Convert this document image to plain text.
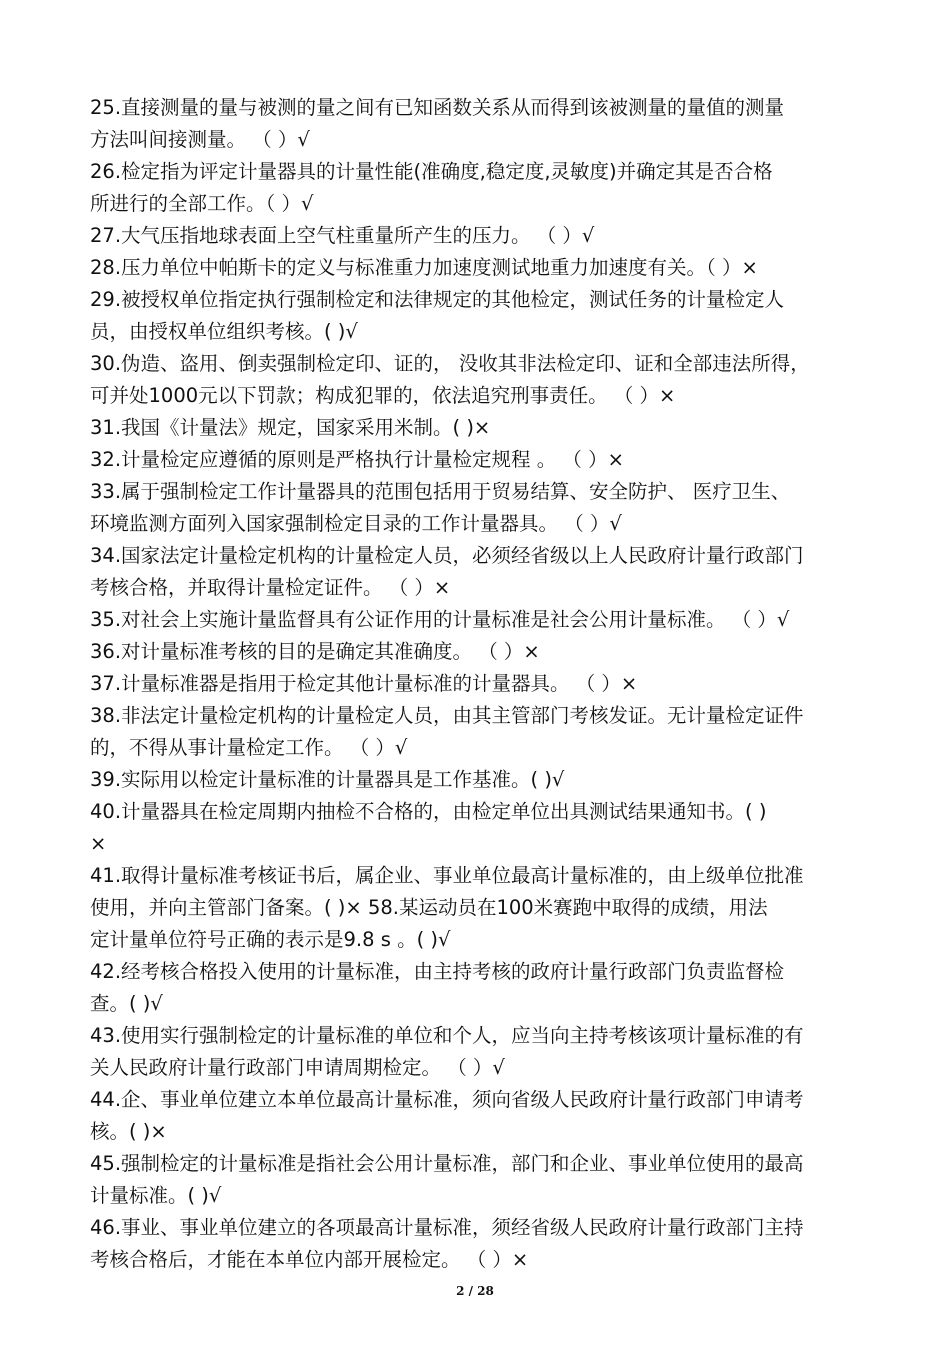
25.直接测量的量与被测的量之间有已知函数关系从而得到该被测量的量值的测量
方法叫间接测量。 （ ）√
26.检定指为评定计量器具的计量性能(准确度,稳定度,灵敏度)并确定其是否合格
所进行的全部工作。（ ）√
27.大气压指地球表面上空气柱重量所产生的压力。 （ ）√
28.压力单位中帕斯卡的定义与标准重力加速度测试地重力加速度有关。（ ）×
29.被授权单位指定执行强制检定和法律规定的其他检定，测试任务的计量检定人
员，由授权单位组织考核。( )√
30.伪造、盗用、倒卖强制检定印、证的， 没收其非法检定印、证和全部违法所得，
可并处1000元以下罚款；构成犯罪的，依法追究刑事责任。 （ ）×
31.我国《计量法》规定，国家采用米制。( )×
32.计量检定应遵循的原则是严格执行计量检定规程 。 （ ）×
33.属于强制检定工作计量器具的范围包括用于贸易结算、安全防护、 医疗卫生、
环境监测方面列入国家强制检定目录的工作计量器具。 （ ）√
34.国家法定计量检定机构的计量检定人员，必须经省级以上人民政府计量行政部门
考核合格，并取得计量检定证件。 （ ）×
35.对社会上实施计量监督具有公证作用的计量标准是社会公用计量标准。 （ ）√
36.对计量标准考核的目的是确定其准确度。 （ ）×
37.计量标准器是指用于检定其他计量标准的计量器具。 （ ）×
38.非法定计量检定机构的计量检定人员，由其主管部门考核发证。无计量检定证件
的，不得从事计量检定工作。 （ ）√
39.实际用以检定计量标准的计量器具是工作基准。( )√
40.计量器具在检定周期内抽检不合格的，由检定单位出具测试结果通知书。( )
×
41.取得计量标准考核证书后，属企业、事业单位最高计量标准的，由上级单位批准
使用，并向主管部门备案。( )× 58.某运动员在100米赛跑中取得的成绩，用法
定计量单位符号正确的表示是9.8 s 。( )√
42.经考核合格投入使用的计量标准，由主持考核的政府计量行政部门负责监督检
查。( )√
43.使用实行强制检定的计量标准的单位和个人，应当向主持考核该项计量标准的有
关人民政府计量行政部门申请周期检定。 （ ）√
44.企、事业单位建立本单位最高计量标准，须向省级人民政府计量行政部门申请考
核。( )×
45.强制检定的计量标准是指社会公用计量标准，部门和企业、事业单位使用的最高
计量标准。( )√
46.事业、事业单位建立的各项最高计量标准，须经省级人民政府计量行政部门主持
考核合格后，才能在本单位内部开展检定。 （ ）×
2 / 28
